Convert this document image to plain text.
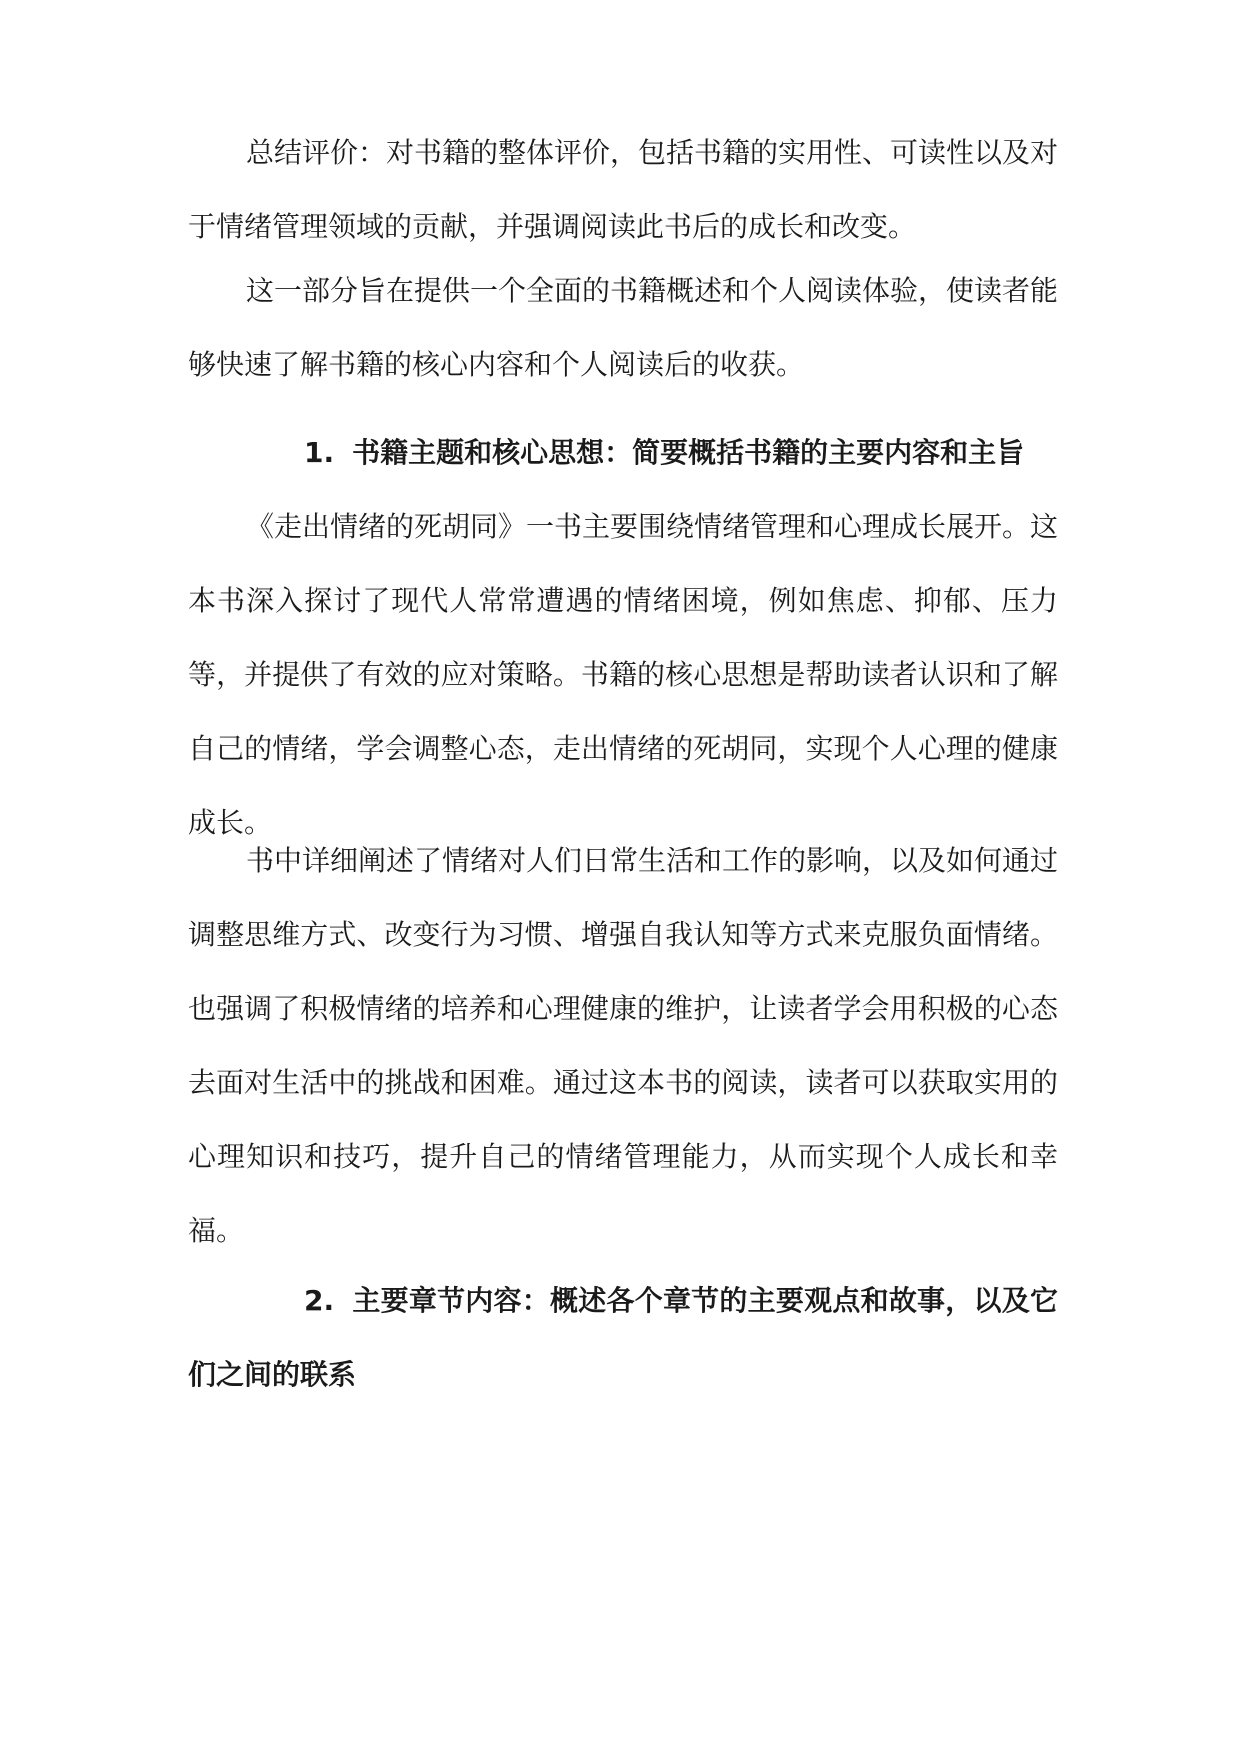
总结评价：对书籍的整体评价，包括书籍的实用性、可读性以及对于情绪管理领域的贡献，并强调阅读此书后的成长和改变。

这一部分旨在提供一个全面的书籍概述和个人阅读体验，使读者能够快速了解书籍的核心内容和个人阅读后的收获。

1. 书籍主题和核心思想：简要概括书籍的主要内容和主旨

《走出情绪的死胡同》一书主要围绕情绪管理和心理成长展开。这本书深入探讨了现代人常常遭遇的情绪困境，例如焦虑、抑郁、压力等，并提供了有效的应对策略。书籍的核心思想是帮助读者认识和了解自己的情绪，学会调整心态，走出情绪的死胡同，实现个人心理的健康成长。

书中详细阐述了情绪对人们日常生活和工作的影响，以及如何通过调整思维方式、改变行为习惯、增强自我认知等方式来克服负面情绪。也强调了积极情绪的培养和心理健康的维护，让读者学会用积极的心态去面对生活中的挑战和困难。通过这本书的阅读，读者可以获取实用的心理知识和技巧，提升自己的情绪管理能力，从而实现个人成长和幸福。

2. 主要章节内容：概述各个章节的主要观点和故事，以及它们之间的联系
